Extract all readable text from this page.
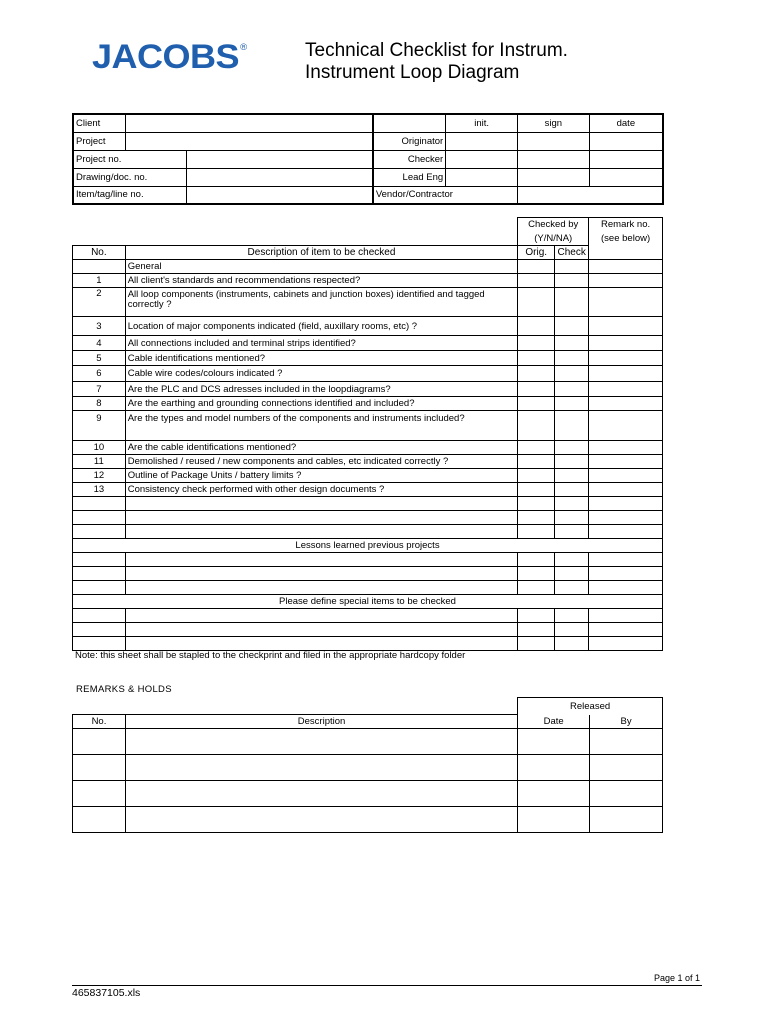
JACOBS®	Technical Checklist for Instrum.
Instrument Loop Diagram
Client				init.	sign	date
Project			Originator			
Project no.			Checker			
Drawing/doc. no.			Lead Eng			
Item/tag/line no.			Vendor/Contractor			
		Checked by		Remark no.
		(Y/N/NA)		(see below)
No.	Description of item to be checked	Orig.	Check	
	General			
1	All client's standards and recommendations respected?			
2	All loop components (instruments, cabinets and junction boxes) identified and tagged correctly ?			
3	Location of major components indicated (field, auxillary rooms, etc) ?			
4	All connections included and terminal strips identified?			
5	Cable identifications mentioned?			
6	Cable wire codes/colours indicated ?			
7	Are the PLC and DCS adresses included in the loopdiagrams?			
8	Are the earthing and grounding connections identified and included?			
9	Are the types and model numbers of the components and instruments included?			
10	Are the cable identifications mentioned?			
11	Demolished / reused / new components and cables, etc indicated correctly ?			
12	Outline of Package Units / battery limits ?			
13	Consistency check performed with other design documents ?			

Lessons learned previous projects				

Please define special items to be checked				

Note: this sheet shall be stapled to the checkprint and filed in the appropriate hardcopy folder
REMARKS & HOLDS
		Released	
No.	Description	Date	By

Page 1 of 1
465837105.xls
